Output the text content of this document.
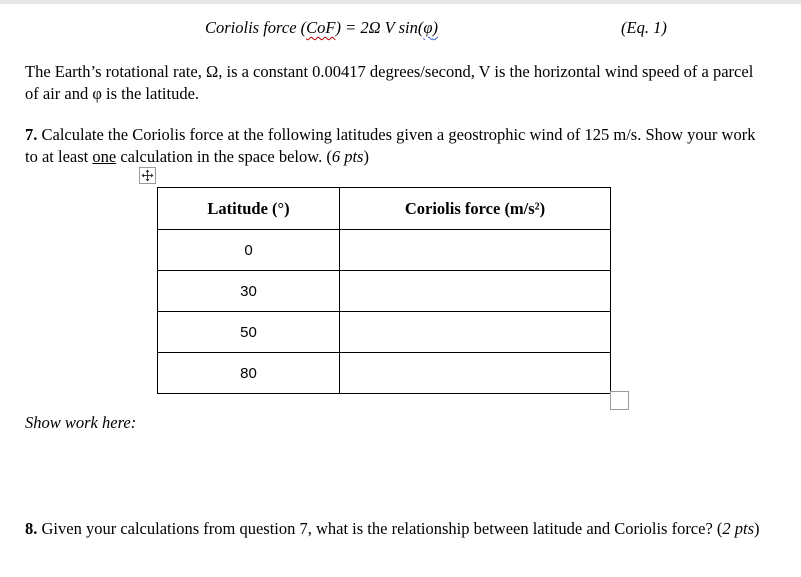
Coriolis force (CoF) = 2Ω V sin(φ)	(Eq. 1)
The Earth’s rotational rate, Ω, is a constant 0.00417 degrees/second, V is the horizontal wind speed of a parcel of air and φ is the latitude.
7. Calculate the Coriolis force at the following latitudes given a geostrophic wind of 125 m/s. Show your work to at least one calculation in the space below. (6 pts)
Latitude (°)	Coriolis force (m/s²)
0	
30	
50	
80	
Show work here:
8. Given your calculations from question 7, what is the relationship between latitude and Coriolis force? (2 pts)
